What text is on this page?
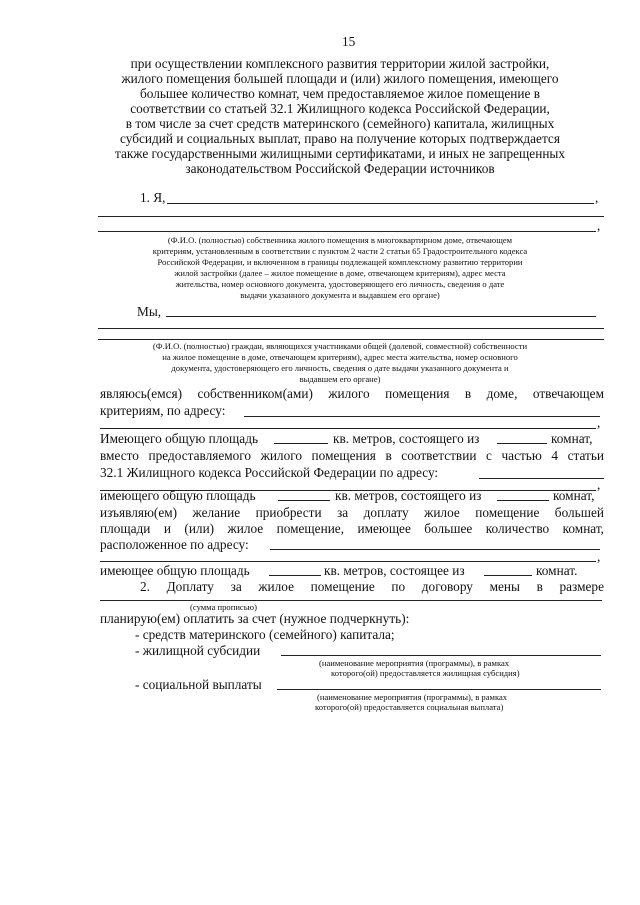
15
при осуществлении комплексного развития территории жилой застройки,
жилого помещения большей площади и (или) жилого помещения, имеющего
большее количество комнат, чем предоставляемое жилое помещение в
соответствии со статьей 32.1 Жилищного кодекса Российской Федерации,
в том числе за счет средств материнского (семейного) капитала, жилищных
субсидий и социальных выплат, право на получение которых подтверждается
также государственными жилищными сертификатами, и иных не запрещенных
законодательством Российской Федерации источников
1. Я,	,
,
(Ф.И.О. (полностью) собственника жилого помещения в многоквартирном доме, отвечающем
критериям, установленным в соответствии с пунктом 2 части 2 статьи 65 Градостроительного кодекса
Российской Федерации, и включенном в границы подлежащей комплексному развитию территории
жилой застройки (далее – жилое помещение в доме, отвечающем критериям), адрес места
жительства, номер основного документа, удостоверяющего его личность, сведения о дате
выдачи указанного документа и выдавшем его органе)
Мы,
(Ф.И.О. (полностью) граждан, являющихся участниками общей (долевой, совместной) собственности
на жилое помещение в доме, отвечающем критериям), адрес места жительства, номер основного
документа, удостоверяющего его личность, сведения о дате выдачи указанного документа и
выдавшем его органе)
являюсь(емся) собственником(ами) жилого помещения в доме, отвечающем
критериям, по адресу:
,
Имеющего общую площадь	кв. метров, состоящего из	комнат,
вместо предоставляемого жилого помещения в соответствии с частью 4 статьи
32.1 Жилищного кодекса Российской Федерации по адресу:
,
имеющего общую площадь	кв. метров, состоящего из	комнат,
изъявляю(ем) желание приобрести за доплату жилое помещение большей
площади и (или) жилое помещение, имеющее большее количество комнат,
расположенное по адресу:
,
имеющее общую площадь	кв. метров, состоящее из	комнат.
2. Доплату за жилое помещение по договору мены в размере
(сумма прописью)
планирую(ем) оплатить за счет (нужное подчеркнуть):
- средств материнского (семейного) капитала;
- жилищной субсидии
(наименование мероприятия (программы), в рамках
которого(ой) предоставляется жилищная субсидия)
- социальной выплаты
(наименование мероприятия (программы), в рамках
которого(ой) предоставляется социальная выплата)
